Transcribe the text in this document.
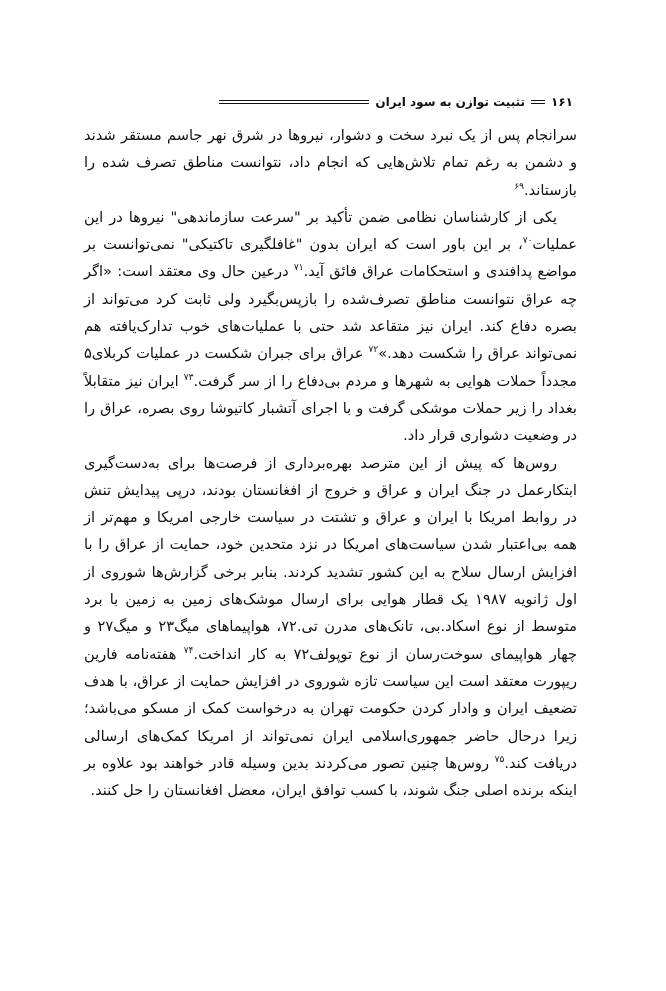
۱۶۱
تثبیت توازن به سود ایران

سرانجام پس از یک نبرد سخت و دشوار، نیروها در شرق نهر جاسم مستقر شدند و دشمن به رغم تمام تلاش‌هایی که انجام داد، نتوانست مناطق تصرف شده را بازستاند.$^{۶۹}$

یکی از کارشناسان نظامی ضمن تأکید بر "سرعت سازماندهی" نیروها در این عملیات$^{۷۰}$، بر این باور است که ایران بدون "غافلگیری تاکتیکی" نمی‌توانست بر مواضع پدافندی و استحکامات عراق فائق آید.$^{۷۱}$ درعین حال وی معتقد است: «اگر چه عراق نتوانست مناطق تصرف‌شده را بازپس‌بگیرد ولی ثابت کرد می‌تواند از بصره دفاع کند. ایران نیز متقاعد شد حتی با عملیات‌های خوب تدارک‌یافته هم نمی‌تواند عراق را شکست دهد.»$^{۷۲}$ عراق برای جبران شکست در عملیات کربلای۵ مجدداً حملات هوایی به شهرها و مردم بی‌دفاع را از سر گرفت.$^{۷۳}$ ایران نیز متقابلاً بغداد را زیر حملات موشکی گرفت و با اجرای آتشبار کاتیوشا روی بصره، عراق را در وضعیت دشواری قرار داد.

روس‌ها که پیش از این مترصد بهره‌برداری از فرصت‌ها برای به‌دست‌گیری ابتکارعمل در جنگ ایران و عراق و خروج از افغانستان بودند، درپی پیدایش تنش در روابط امریکا با ایران و عراق و تشتت در سیاست خارجی امریکا و مهم‌تر از همه بی‌اعتبار شدن سیاست‌های امریکا در نزد متحدین خود، حمایت از عراق را با افزایش ارسال سلاح به این کشور تشدید کردند. بنابر برخی گزارش‌ها شوروی از اول ژانویه ۱۹۸۷ یک قطار هوایی برای ارسال موشک‌های زمین به زمین با برد متوسط از نوع اسکاد.بی، تانک‌های مدرن تی.۷۲، هواپیماهای میگ۲۳ و میگ۲۷ و چهار هواپیمای سوخت‌رسان از نوع توپولف۷۲ به کار انداخت.$^{۷۴}$ هفته‌نامه فارین ریپورت معتقد است این سیاست تازه شوروی در افزایش حمایت از عراق، با هدف تضعیف ایران و وادار کردن حکومت تهران به درخواست کمک از مسکو می‌باشد؛ زیرا درحال حاضر جمهوری‌اسلامی ایران نمی‌تواند از امریکا کمک‌های ارسالی دریافت کند.$^{۷۵}$ روس‌ها چنین تصور می‌کردند بدین وسیله قادر خواهند بود علاوه بر اینکه برنده اصلی جنگ شوند، با کسب توافق ایران، معضل افغانستان را حل کنند.
